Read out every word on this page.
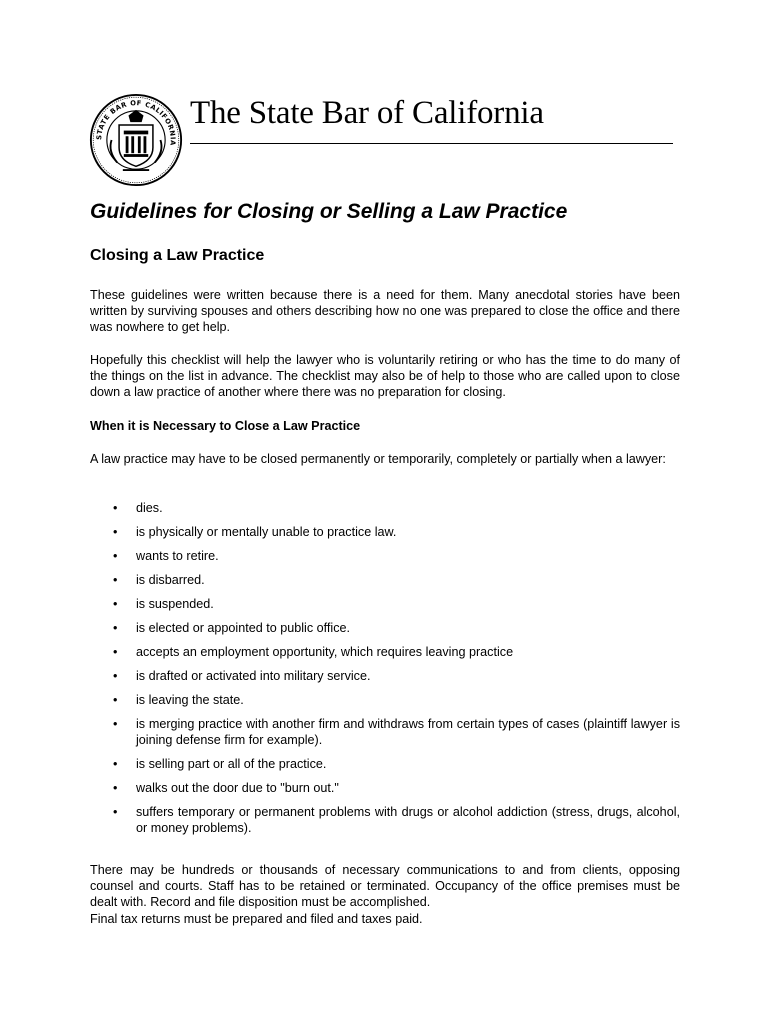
STATE BAR OF CALIFORNIA
The State Bar of California
Guidelines for Closing or Selling a Law Practice
Closing a Law Practice

These guidelines were written because there is a need for them. Many anecdotal stories have been written by surviving spouses and others describing how no one was prepared to close the office and there was nowhere to get help.

Hopefully this checklist will help the lawyer who is voluntarily retiring or who has the time to do many of the things on the list in advance. The checklist may also be of help to those who are called upon to close down a law practice of another where there was no preparation for closing.

When it is Necessary to Close a Law Practice

A law practice may have to be closed permanently or temporarily, completely or partially when a lawyer:

• dies.
• is physically or mentally unable to practice law.
• wants to retire.
• is disbarred.
• is suspended.
• is elected or appointed to public office.
• accepts an employment opportunity, which requires leaving practice
• is drafted or activated into military service.
• is leaving the state.
• is merging practice with another firm and withdraws from certain types of cases (plaintiff lawyer is joining defense firm for example).
• is selling part or all of the practice.
• walks out the door due to "burn out."
• suffers temporary or permanent problems with drugs or alcohol addiction (stress, drugs, alcohol, or money problems).

There may be hundreds or thousands of necessary communications to and from clients, opposing counsel and courts. Staff has to be retained or terminated. Occupancy of the office premises must be dealt with. Record and file disposition must be accomplished.

Final tax returns must be prepared and filed and taxes paid.
